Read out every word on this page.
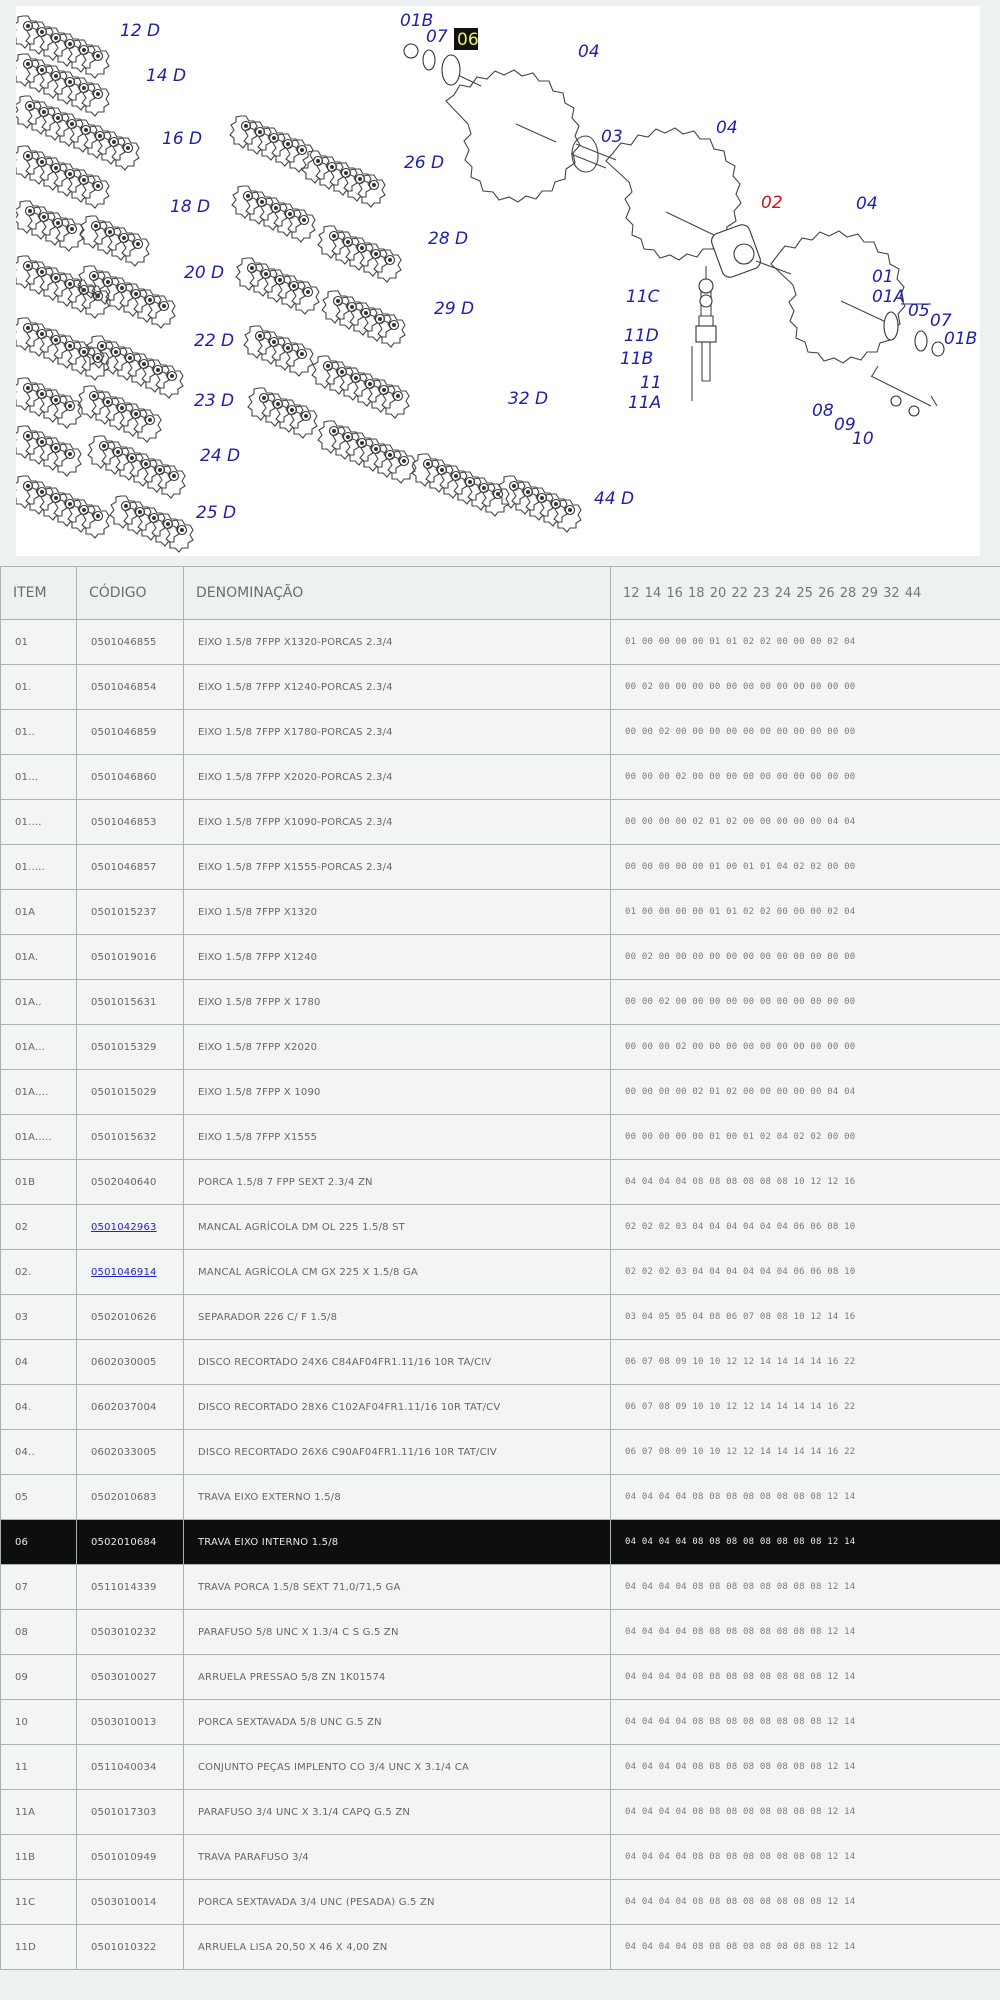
12 D
14 D
16 D
18 D
20 D
22 D
23 D
24 D
25 D
26 D
28 D
29 D
32 D
44 D
01B
07 06
04
03	04
02	04
11C
11D
11B
11
11A
01
01A
05 07
01B
08
09
10
ITEM	CÓDIGO	DENOMINAÇÃO	12 14 16 18 20 22 23 24 25 26 28 29 32 44
01	0501046855	EIXO 1.5/8 7FPP X1320-PORCAS 2.3/4	01 00 00 00 00 01 01 02 02 00 00 00 02 04
01.	0501046854	EIXO 1.5/8 7FPP X1240-PORCAS 2.3/4	00 02 00 00 00 00 00 00 00 00 00 00 00 00
01..	0501046859	EIXO 1.5/8 7FPP X1780-PORCAS 2.3/4	00 00 02 00 00 00 00 00 00 00 00 00 00 00
01...	0501046860	EIXO 1.5/8 7FPP X2020-PORCAS 2.3/4	00 00 00 02 00 00 00 00 00 00 00 00 00 00
01....	0501046853	EIXO 1.5/8 7FPP X1090-PORCAS 2.3/4	00 00 00 00 02 01 02 00 00 00 00 00 04 04
01.....	0501046857	EIXO 1.5/8 7FPP X1555-PORCAS 2.3/4	00 00 00 00 00 01 00 01 01 04 02 02 00 00
01A	0501015237	EIXO 1.5/8 7FPP X1320	01 00 00 00 00 01 01 02 02 00 00 00 02 04
01A.	0501019016	EIXO 1.5/8 7FPP X1240	00 02 00 00 00 00 00 00 00 00 00 00 00 00
01A..	0501015631	EIXO 1.5/8 7FPP X 1780	00 00 02 00 00 00 00 00 00 00 00 00 00 00
01A...	0501015329	EIXO 1.5/8 7FPP X2020	00 00 00 02 00 00 00 00 00 00 00 00 00 00
01A....	0501015029	EIXO 1.5/8 7FPP X 1090	00 00 00 00 02 01 02 00 00 00 00 00 04 04
01A.....	0501015632	EIXO 1.5/8 7FPP X1555	00 00 00 00 00 01 00 01 02 04 02 02 00 00
01B	0502040640	PORCA 1.5/8 7 FPP SEXT 2.3/4 ZN	04 04 04 04 08 08 08 08 08 08 10 12 12 16
02	0501042963	MANCAL AGRÍCOLA DM OL 225 1.5/8 ST	02 02 02 03 04 04 04 04 04 04 06 06 08 10
02.	0501046914	MANCAL AGRÍCOLA CM GX 225 X 1.5/8 GA	02 02 02 03 04 04 04 04 04 04 06 06 08 10
03	0502010626	SEPARADOR 226 C/ F 1.5/8	03 04 05 05 04 08 06 07 08 08 10 12 14 16
04	0602030005	DISCO RECORTADO 24X6 C84AF04FR1.11/16 10R TA/CIV	06 07 08 09 10 10 12 12 14 14 14 14 16 22
04.	0602037004	DISCO RECORTADO 28X6 C102AF04FR1.11/16 10R TAT/CV	06 07 08 09 10 10 12 12 14 14 14 14 16 22
04..	0602033005	DISCO RECORTADO 26X6 C90AF04FR1.11/16 10R TAT/CIV	06 07 08 09 10 10 12 12 14 14 14 14 16 22
05	0502010683	TRAVA EIXO EXTERNO 1.5/8	04 04 04 04 08 08 08 08 08 08 08 08 12 14
06	0502010684	TRAVA EIXO INTERNO 1.5/8	04 04 04 04 08 08 08 08 08 08 08 08 12 14
07	0511014339	TRAVA PORCA 1.5/8 SEXT 71,0/71,5 GA	04 04 04 04 08 08 08 08 08 08 08 08 12 14
08	0503010232	PARAFUSO 5/8 UNC X 1.3/4 C S G.5 ZN	04 04 04 04 08 08 08 08 08 08 08 08 12 14
09	0503010027	ARRUELA PRESSAO 5/8 ZN 1K01574	04 04 04 04 08 08 08 08 08 08 08 08 12 14
10	0503010013	PORCA SEXTAVADA 5/8 UNC G.5 ZN	04 04 04 04 08 08 08 08 08 08 08 08 12 14
11	0511040034	CONJUNTO PEÇAS IMPLENTO CO 3/4 UNC X 3.1/4 CA	04 04 04 04 08 08 08 08 08 08 08 08 12 14
11A	0501017303	PARAFUSO 3/4 UNC X 3.1/4 CAPQ G.5 ZN	04 04 04 04 08 08 08 08 08 08 08 08 12 14
11B	0501010949	TRAVA PARAFUSO 3/4	04 04 04 04 08 08 08 08 08 08 08 08 12 14
11C	0503010014	PORCA SEXTAVADA 3/4 UNC (PESADA) G.5 ZN	04 04 04 04 08 08 08 08 08 08 08 08 12 14
11D	0501010322	ARRUELA LISA 20,50 X 46 X 4,00 ZN	04 04 04 04 08 08 08 08 08 08 08 08 12 14
